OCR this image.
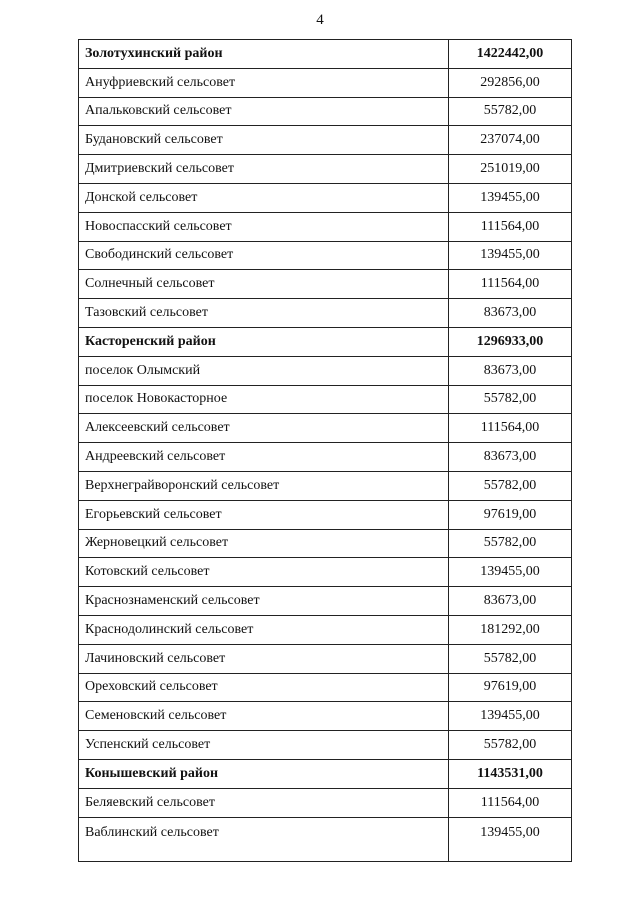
4
Золотухинский район	1422442,00
Ануфриевский сельсовет	292856,00
Апальковский сельсовет	55782,00
Будановский сельсовет	237074,00
Дмитриевский сельсовет	251019,00
Донской сельсовет	139455,00
Новоспасский сельсовет	111564,00
Свободинский сельсовет	139455,00
Солнечный сельсовет	111564,00
Тазовский сельсовет	83673,00
Касторенский район	1296933,00
поселок Олымский	83673,00
поселок Новокасторное	55782,00
Алексеевский сельсовет	111564,00
Андреевский сельсовет	83673,00
Верхнеграйворонский сельсовет	55782,00
Егорьевский сельсовет	97619,00
Жерновецкий сельсовет	55782,00
Котовский сельсовет	139455,00
Краснознаменский сельсовет	83673,00
Краснодолинский сельсовет	181292,00
Лачиновский сельсовет	55782,00
Ореховский сельсовет	97619,00
Семеновский сельсовет	139455,00
Успенский сельсовет	55782,00
Конышевский район	1143531,00
Беляевский сельсовет	111564,00
Ваблинский сельсовет	139455,00
